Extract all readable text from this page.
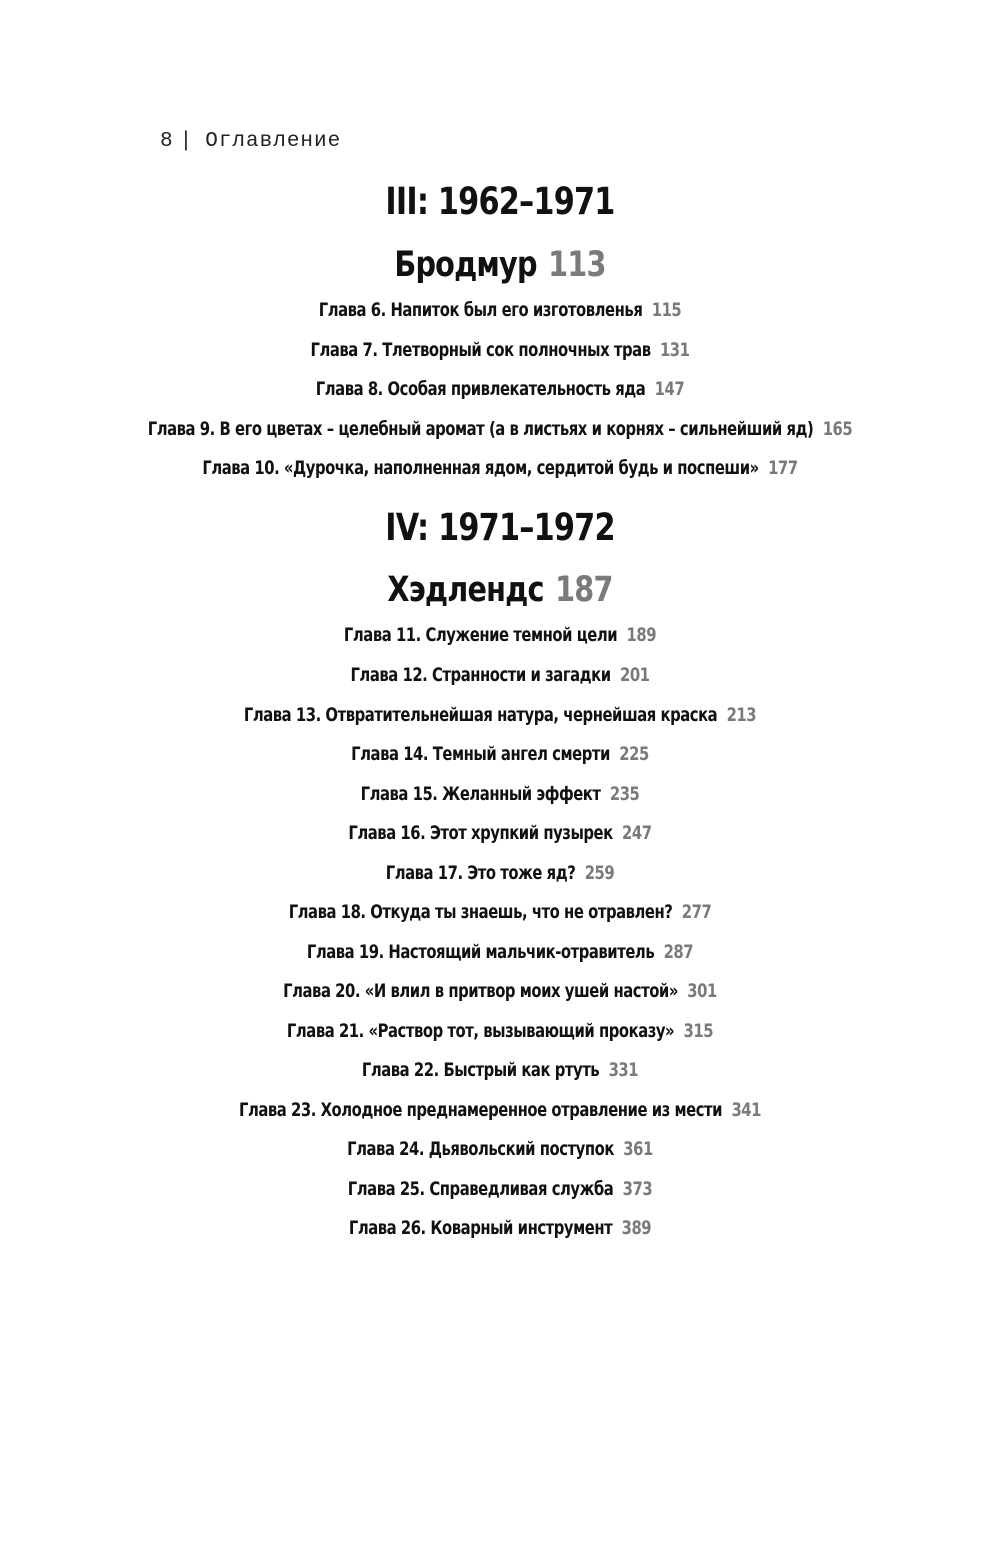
8 | Оглавление
III: 1962–1971
Бродмур 113
Глава 6. Напиток был его изготовленья 115
Глава 7. Тлетворный сок полночных трав 131
Глава 8. Особая привлекательность яда 147
Глава 9. В его цветах – целебный аромат (а в листьях и корнях – сильнейший яд) 165
Глава 10. «Дурочка, наполненная ядом, сердитой будь и поспеши» 177
IV: 1971–1972
Хэдлендс 187
Глава 11. Служение темной цели 189
Глава 12. Странности и загадки 201
Глава 13. Отвратительнейшая натура, чернейшая краска 213
Глава 14. Темный ангел смерти 225
Глава 15. Желанный эффект 235
Глава 16. Этот хрупкий пузырек 247
Глава 17. Это тоже яд? 259
Глава 18. Откуда ты знаешь, что не отравлен? 277
Глава 19. Настоящий мальчик-отравитель 287
Глава 20. «И влил в притвор моих ушей настой» 301
Глава 21. «Раствор тот, вызывающий проказу» 315
Глава 22. Быстрый как ртуть 331
Глава 23. Холодное преднамеренное отравление из мести 341
Глава 24. Дьявольский поступок 361
Глава 25. Справедливая служба 373
Глава 26. Коварный инструмент 389
